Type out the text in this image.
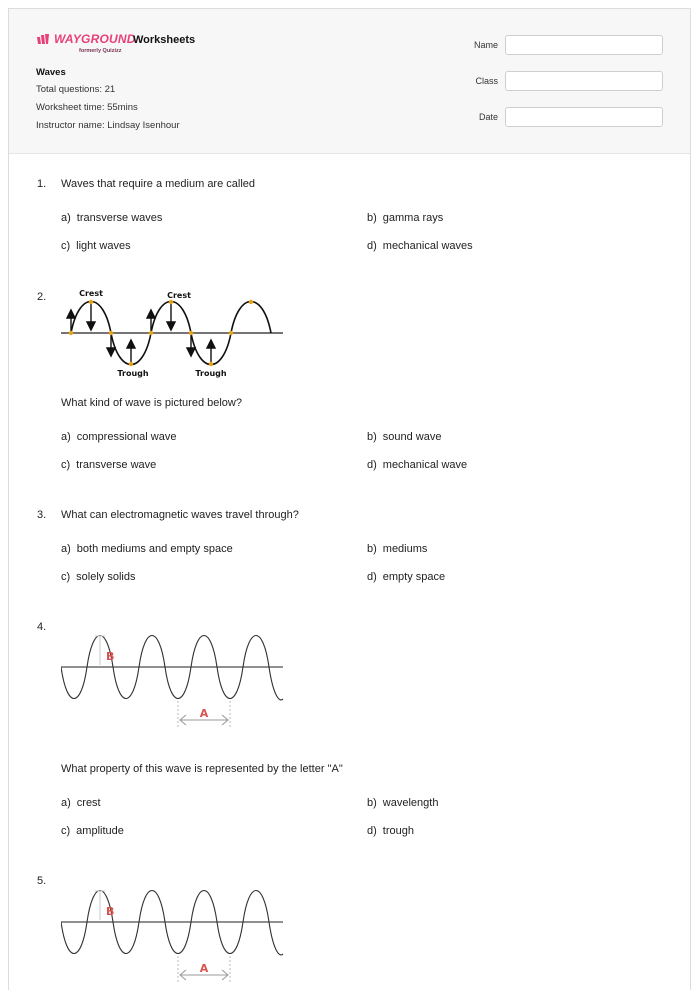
WAYGROUND
formerly Quizizz
Worksheets
Waves
Total questions: 21
Worksheet time: 55mins
Instructor name: Lindsay Isenhour
Name
Class
Date
1. Waves that require a medium are called
a) transverse waves	b) gamma rays
c) light waves	d) mechanical waves
2.	Crest	Crest
Trough	Trough
What kind of wave is pictured below?
a) compressional wave	b) sound wave
c) transverse wave	d) mechanical wave
3. What can electromagnetic waves travel through?
a) both mediums and empty space	b) mediums
c) solely solids	d) empty space
4.
B
A
What property of this wave is represented by the letter "A"
a) crest	b) wavelength
c) amplitude	d) trough
5.
B
A
